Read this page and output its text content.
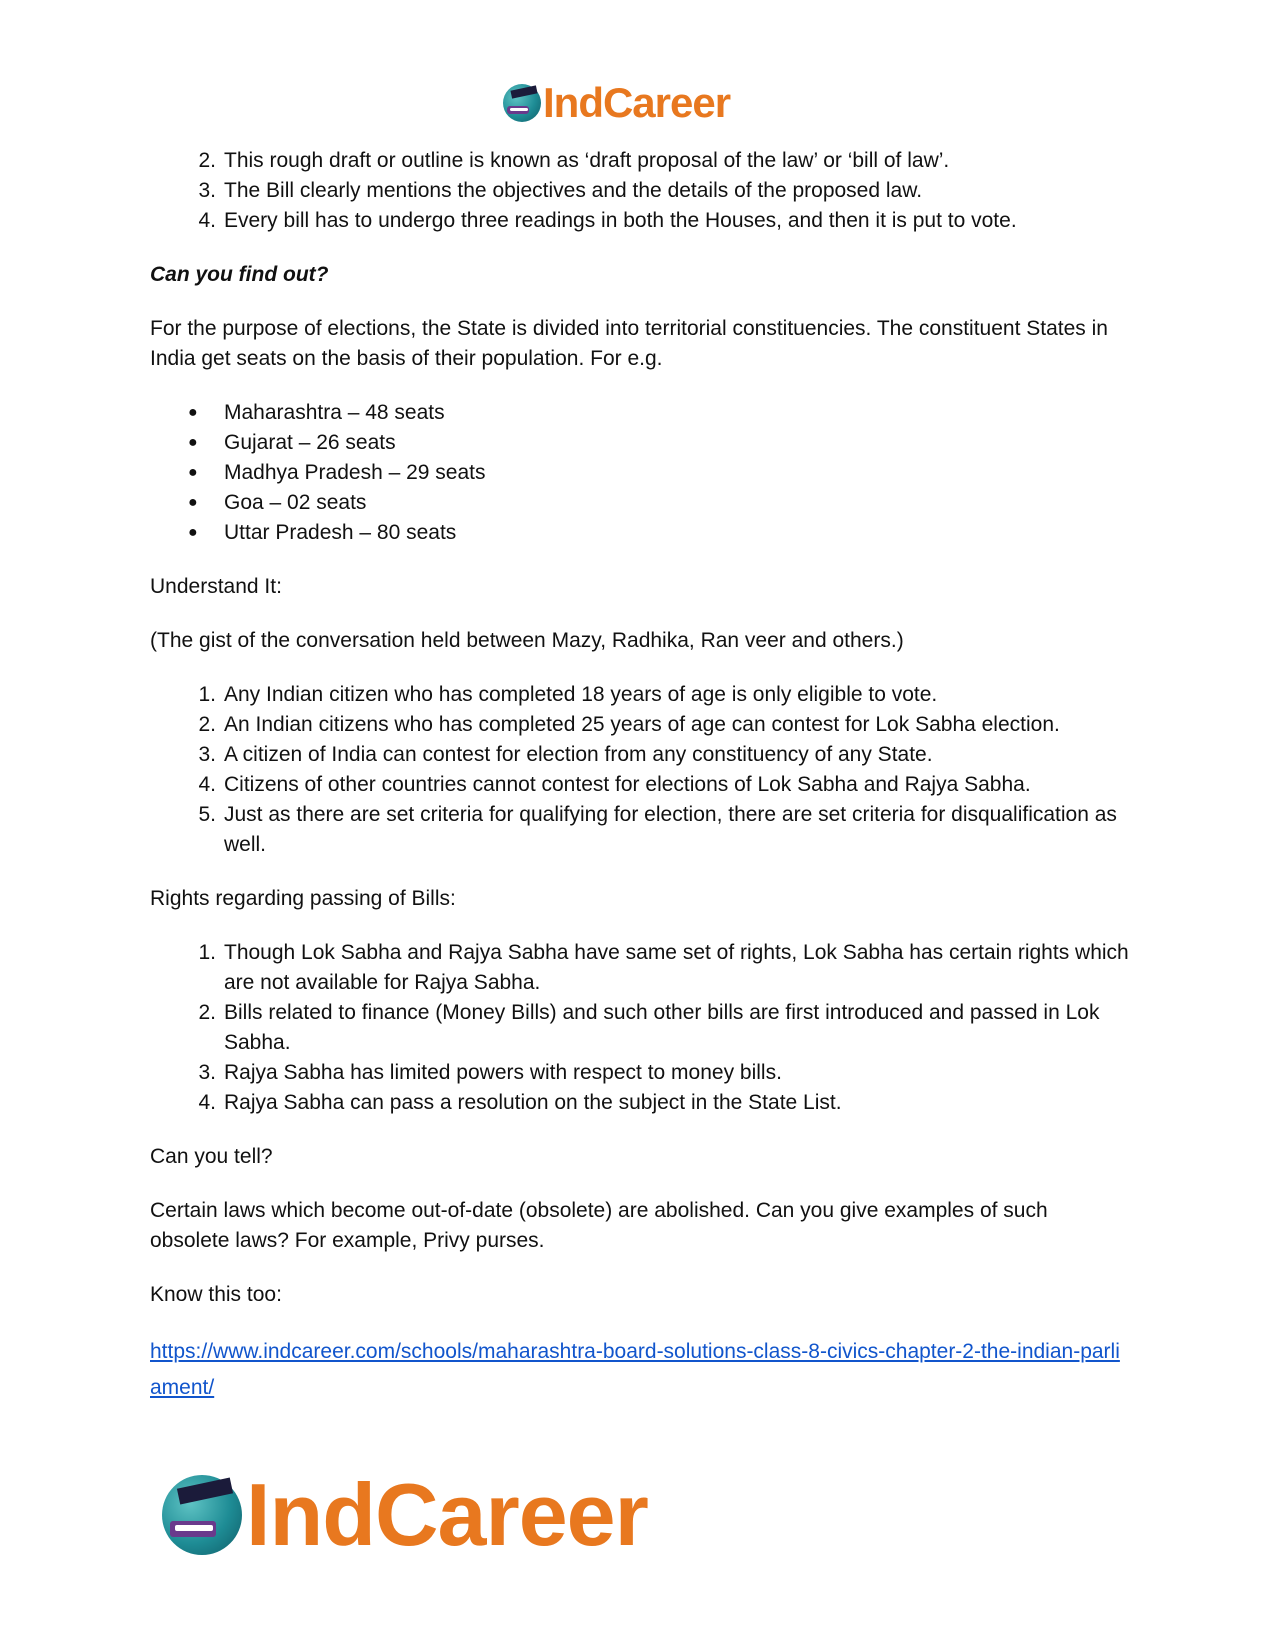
IndCareer
2. This rough draft or outline is known as ‘draft proposal of the law’ or ‘bill of law’.
3. The Bill clearly mentions the objectives and the details of the proposed law.
4. Every bill has to undergo three readings in both the Houses, and then it is put to vote.

Can you find out?

For the purpose of elections, the State is divided into territorial constituencies. The constituent States in India get seats on the basis of their population. For e.g.

● Maharashtra – 48 seats
● Gujarat – 26 seats
● Madhya Pradesh – 29 seats
● Goa – 02 seats
● Uttar Pradesh – 80 seats

Understand It:

(The gist of the conversation held between Mazy, Radhika, Ran veer and others.)

1. Any Indian citizen who has completed 18 years of age is only eligible to vote.
2. An Indian citizens who has completed 25 years of age can contest for Lok Sabha election.
3. A citizen of India can contest for election from any constituency of any State.
4. Citizens of other countries cannot contest for elections of Lok Sabha and Rajya Sabha.
5. Just as there are set criteria for qualifying for election, there are set criteria for disqualification as well.

Rights regarding passing of Bills:

1. Though Lok Sabha and Rajya Sabha have same set of rights, Lok Sabha has certain rights which are not available for Rajya Sabha.
2. Bills related to finance (Money Bills) and such other bills are first introduced and passed in Lok Sabha.
3. Rajya Sabha has limited powers with respect to money bills.
4. Rajya Sabha can pass a resolution on the subject in the State List.

Can you tell?

Certain laws which become out-of-date (obsolete) are abolished. Can you give examples of such obsolete laws? For example, Privy purses.

Know this too:

https://www.indcareer.com/schools/maharashtra-board-solutions-class-8-civics-chapter-2-the-indian-parliament/

IndCareer
